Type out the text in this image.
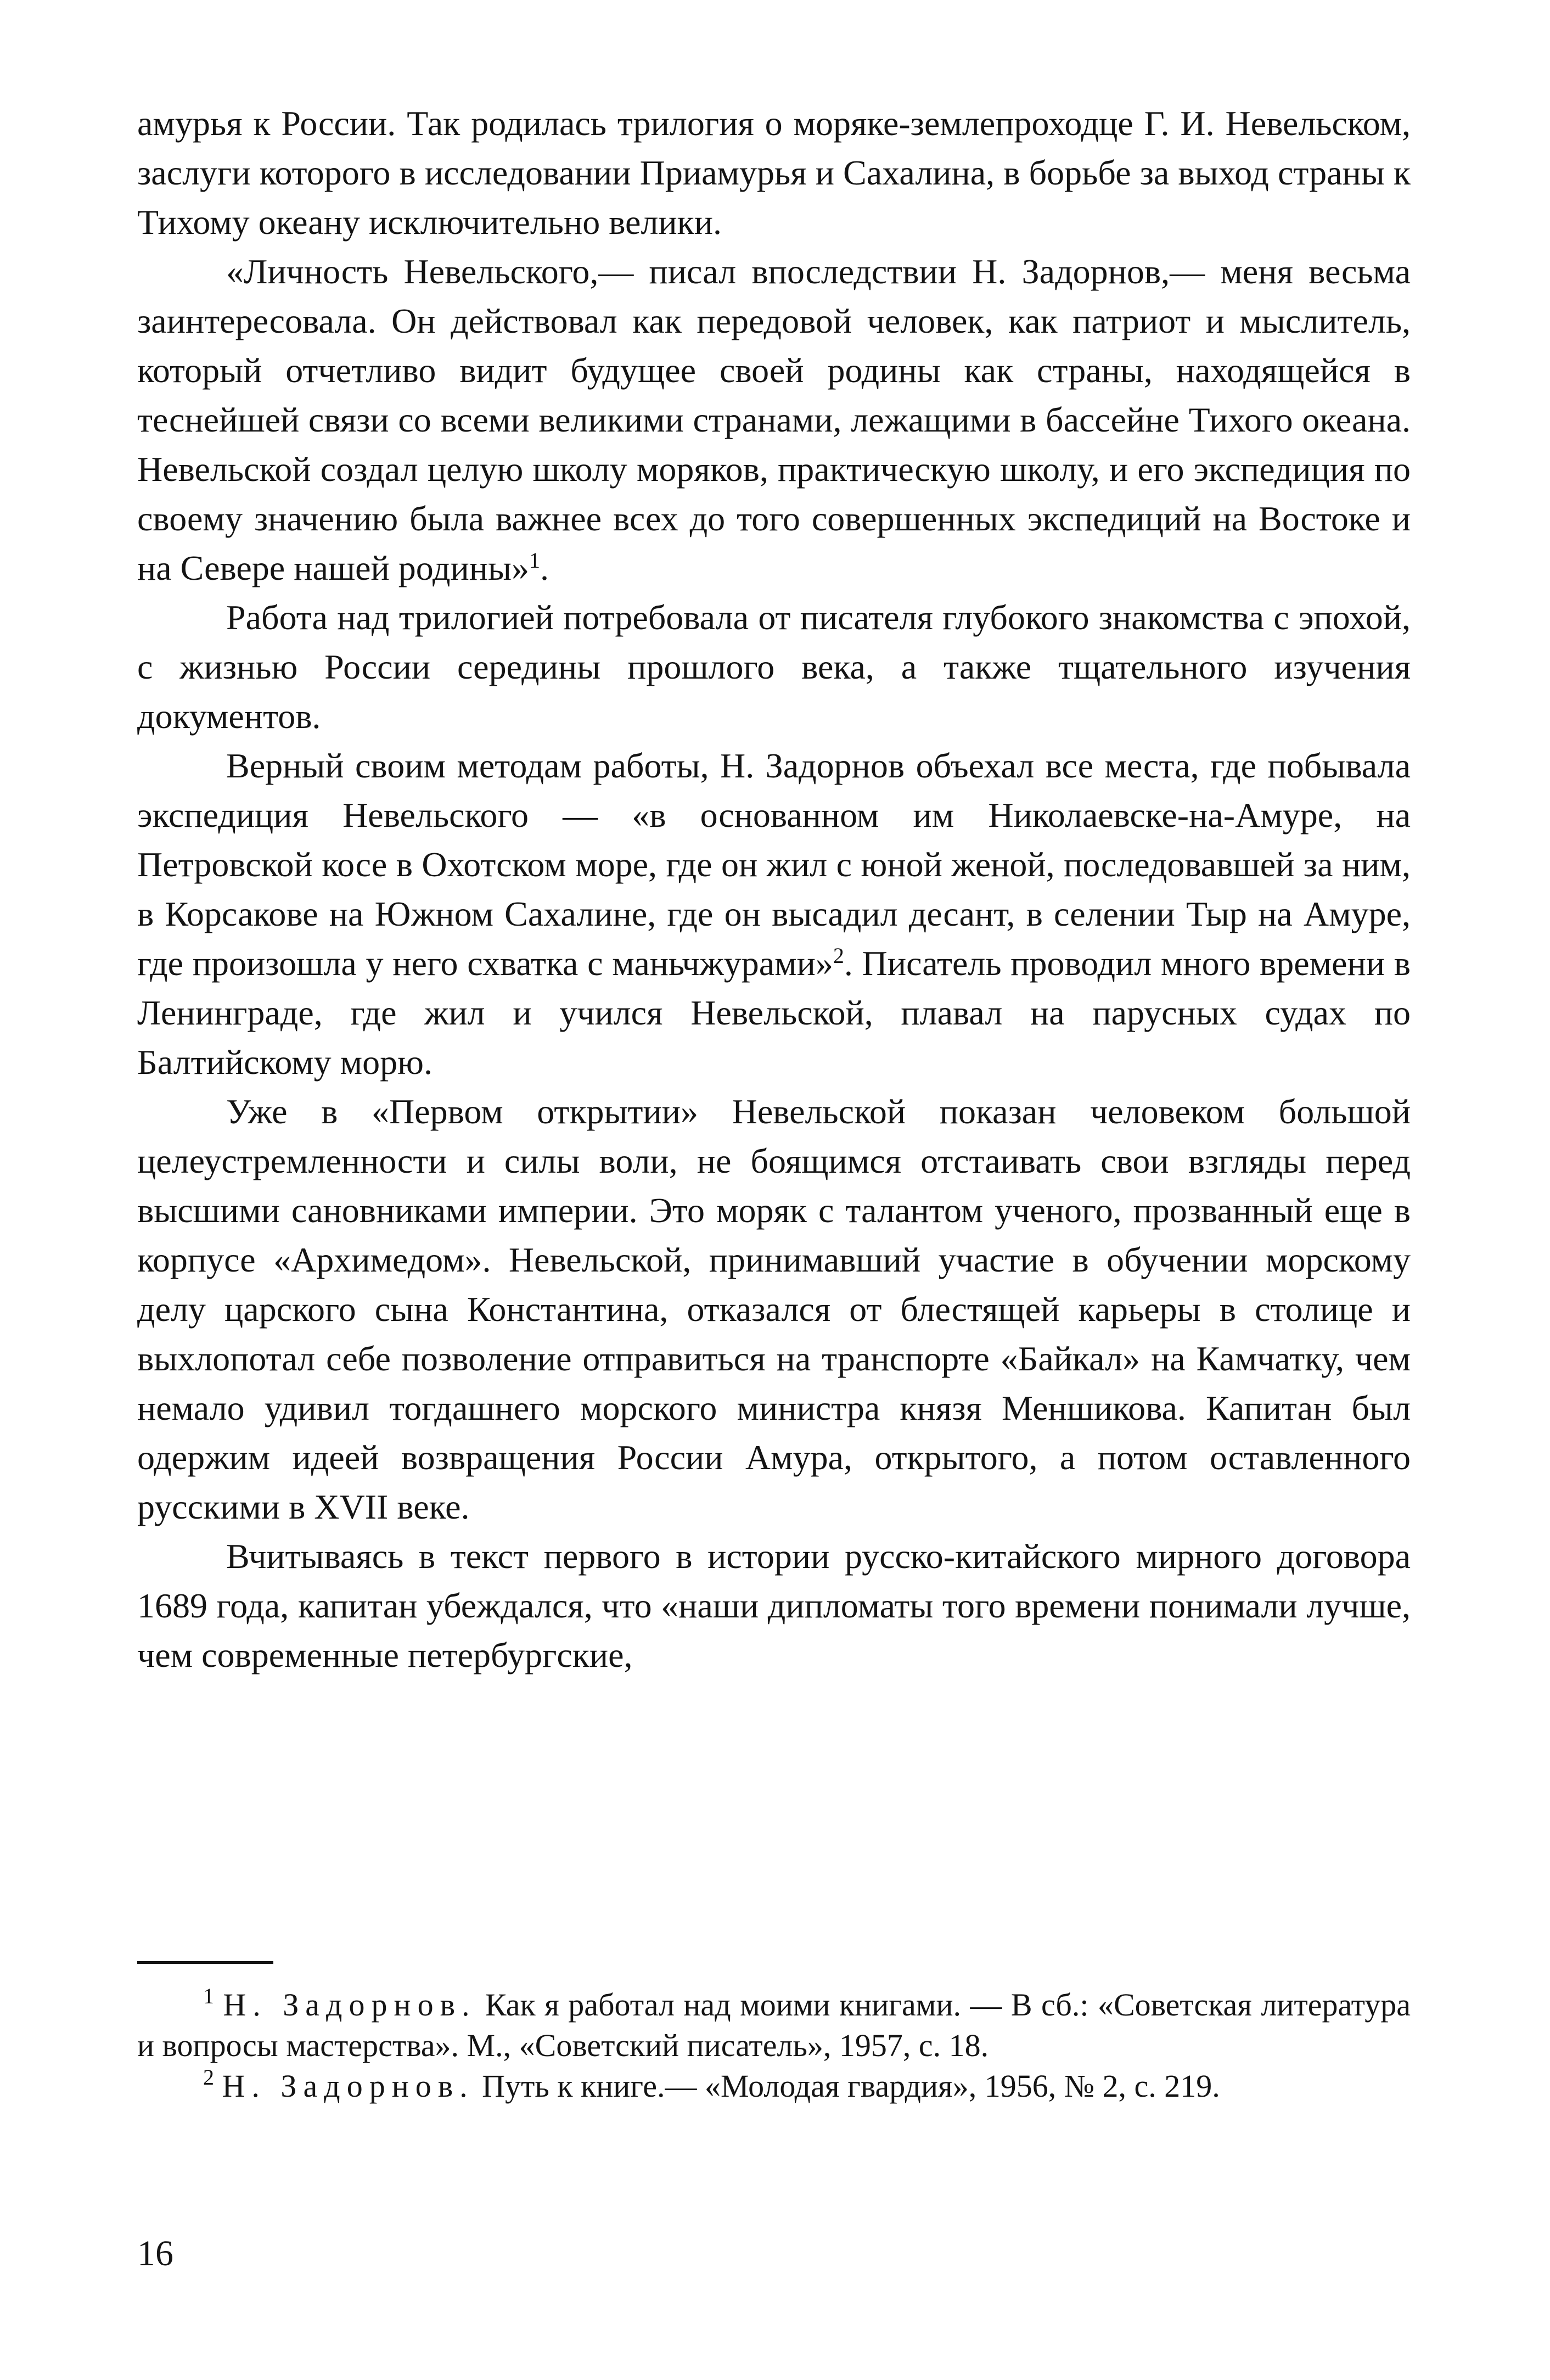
амурья к России. Так родилась трилогия о моряке-землепроходце Г. И. Невельском, заслуги которого в исследовании Приамурья и Сахалина, в борьбе за выход страны к Тихому океану исключительно велики.

«Личность Невельского,— писал впоследствии Н. Задорнов,— меня весьма заинтересовала. Он действовал как передовой человек, как патриот и мыслитель, который отчетливо видит будущее своей родины как страны, находящейся в теснейшей связи со всеми великими странами, лежащими в бассейне Тихого океана. Невельской создал целую школу моряков, практическую школу, и его экспедиция по своему значению была важнее всех до того совершенных экспедиций на Востоке и на Севере нашей родины»$^1$.

Работа над трилогией потребовала от писателя глубокого знакомства с эпохой, с жизнью России середины прошлого века, а также тщательного изучения документов.

Верный своим методам работы, Н. Задорнов объехал все места, где побывала экспедиция Невельского — «в основанном им Николаевске-на-Амуре, на Петровской косе в Охотском море, где он жил с юной женой, последовавшей за ним, в Корсакове на Южном Сахалине, где он высадил десант, в селении Тыр на Амуре, где произошла у него схватка с маньчжурами»$^2$. Писатель проводил много времени в Ленинграде, где жил и учился Невельской, плавал на парусных судах по Балтийскому морю.

Уже в «Первом открытии» Невельской показан человеком большой целеустремленности и силы воли, не боящимся отстаивать свои взгляды перед высшими сановниками империи. Это моряк с талантом ученого, прозванный еще в корпусе «Архимедом». Невельской, принимавший участие в обучении морскому делу царского сына Константина, отказался от блестящей карьеры в столице и выхлопотал себе позволение отправиться на транспорте «Байкал» на Камчатку, чем немало удивил тогдашнего морского министра князя Меншикова. Капитан был одержим идеей возвращения России Амура, открытого, а потом оставленного русскими в XVII веке.

Вчитываясь в текст первого в истории русско-китайского мирного договора 1689 года, капитан убеждался, что «наши дипломаты того времени понимали лучше, чем современные петербургские,

$^1$ Н. Задорнов. Как я работал над моими книгами. — В сб.: «Советская литература и вопросы мастерства». М., «Советский писатель», 1957, с. 18.

$^2$ Н. Задорнов. Путь к книге.— «Молодая гвардия», 1956, № 2, с. 219.

16
